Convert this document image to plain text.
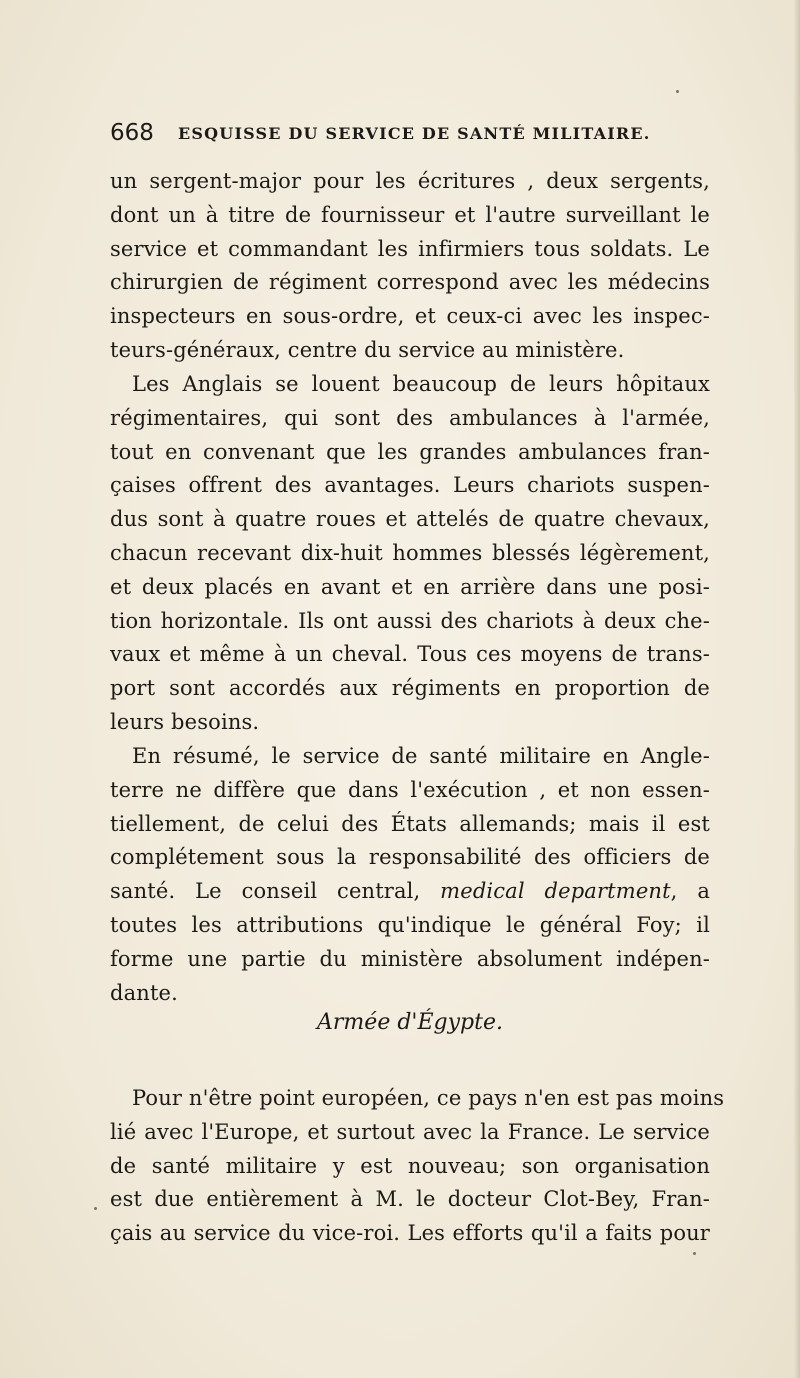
668 ESQUISSE DU SERVICE DE SANTÉ MILITAIRE.
un sergent-major pour les écritures , deux sergents,
dont un à titre de fournisseur et l'autre surveillant le
service et commandant les infirmiers tous soldats. Le
chirurgien de régiment correspond avec les médecins
inspecteurs en sous-ordre, et ceux-ci avec les inspec-
teurs-généraux, centre du service au ministère.
Les Anglais se louent beaucoup de leurs hôpitaux
régimentaires, qui sont des ambulances à l'armée,
tout en convenant que les grandes ambulances fran-
çaises offrent des avantages. Leurs chariots suspen-
dus sont à quatre roues et attelés de quatre chevaux,
chacun recevant dix-huit hommes blessés légèrement,
et deux placés en avant et en arrière dans une posi-
tion horizontale. Ils ont aussi des chariots à deux che-
vaux et même à un cheval. Tous ces moyens de trans-
port sont accordés aux régiments en proportion de
leurs besoins.
En résumé, le service de santé militaire en Angle-
terre ne diffère que dans l'exécution , et non essen-
tiellement, de celui des États allemands; mais il est
complétement sous la responsabilité des officiers de
santé. Le conseil central, medical department, a
toutes les attributions qu'indique le général Foy; il
forme une partie du ministère absolument indépen-
dante.
Armée d'Égypte.
Pour n'être point européen, ce pays n'en est pas moins
lié avec l'Europe, et surtout avec la France. Le service
de santé militaire y est nouveau; son organisation
est due entièrement à M. le docteur Clot-Bey, Fran-
çais au service du vice-roi. Les efforts qu'il a faits pour
